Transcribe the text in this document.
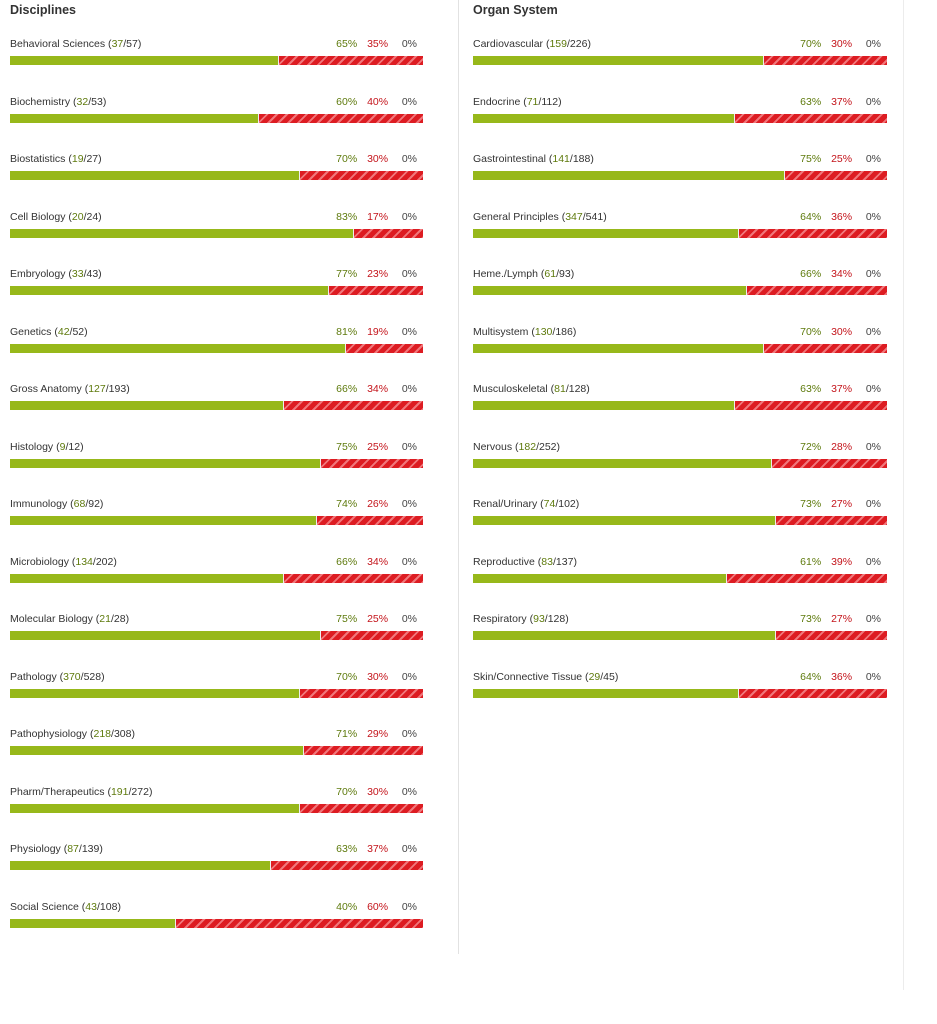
Disciplines
Behavioral Sciences (37/57)	65% 35% 0%
Biochemistry (32/53)	60% 40% 0%
Biostatistics (19/27)	70% 30% 0%
Cell Biology (20/24)	83% 17% 0%
Embryology (33/43)	77% 23% 0%
Genetics (42/52)	81% 19% 0%
Gross Anatomy (127/193)	66% 34% 0%
Histology (9/12)	75% 25% 0%
Immunology (68/92)	74% 26% 0%
Microbiology (134/202)	66% 34% 0%
Molecular Biology (21/28)	75% 25% 0%
Pathology (370/528)	70% 30% 0%
Pathophysiology (218/308)	71% 29% 0%
Pharm/Therapeutics (191/272)	70% 30% 0%
Physiology (87/139)	63% 37% 0%
Social Science (43/108)	40% 60% 0%
Organ System
Cardiovascular (159/226)	70% 30% 0%
Endocrine (71/112)	63% 37% 0%
Gastrointestinal (141/188)	75% 25% 0%
General Principles (347/541)	64% 36% 0%
Heme./Lymph (61/93)	66% 34% 0%
Multisystem (130/186)	70% 30% 0%
Musculoskeletal (81/128)	63% 37% 0%
Nervous (182/252)	72% 28% 0%
Renal/Urinary (74/102)	73% 27% 0%
Reproductive (83/137)	61% 39% 0%
Respiratory (93/128)	73% 27% 0%
Skin/Connective Tissue (29/45)	64% 36% 0%
